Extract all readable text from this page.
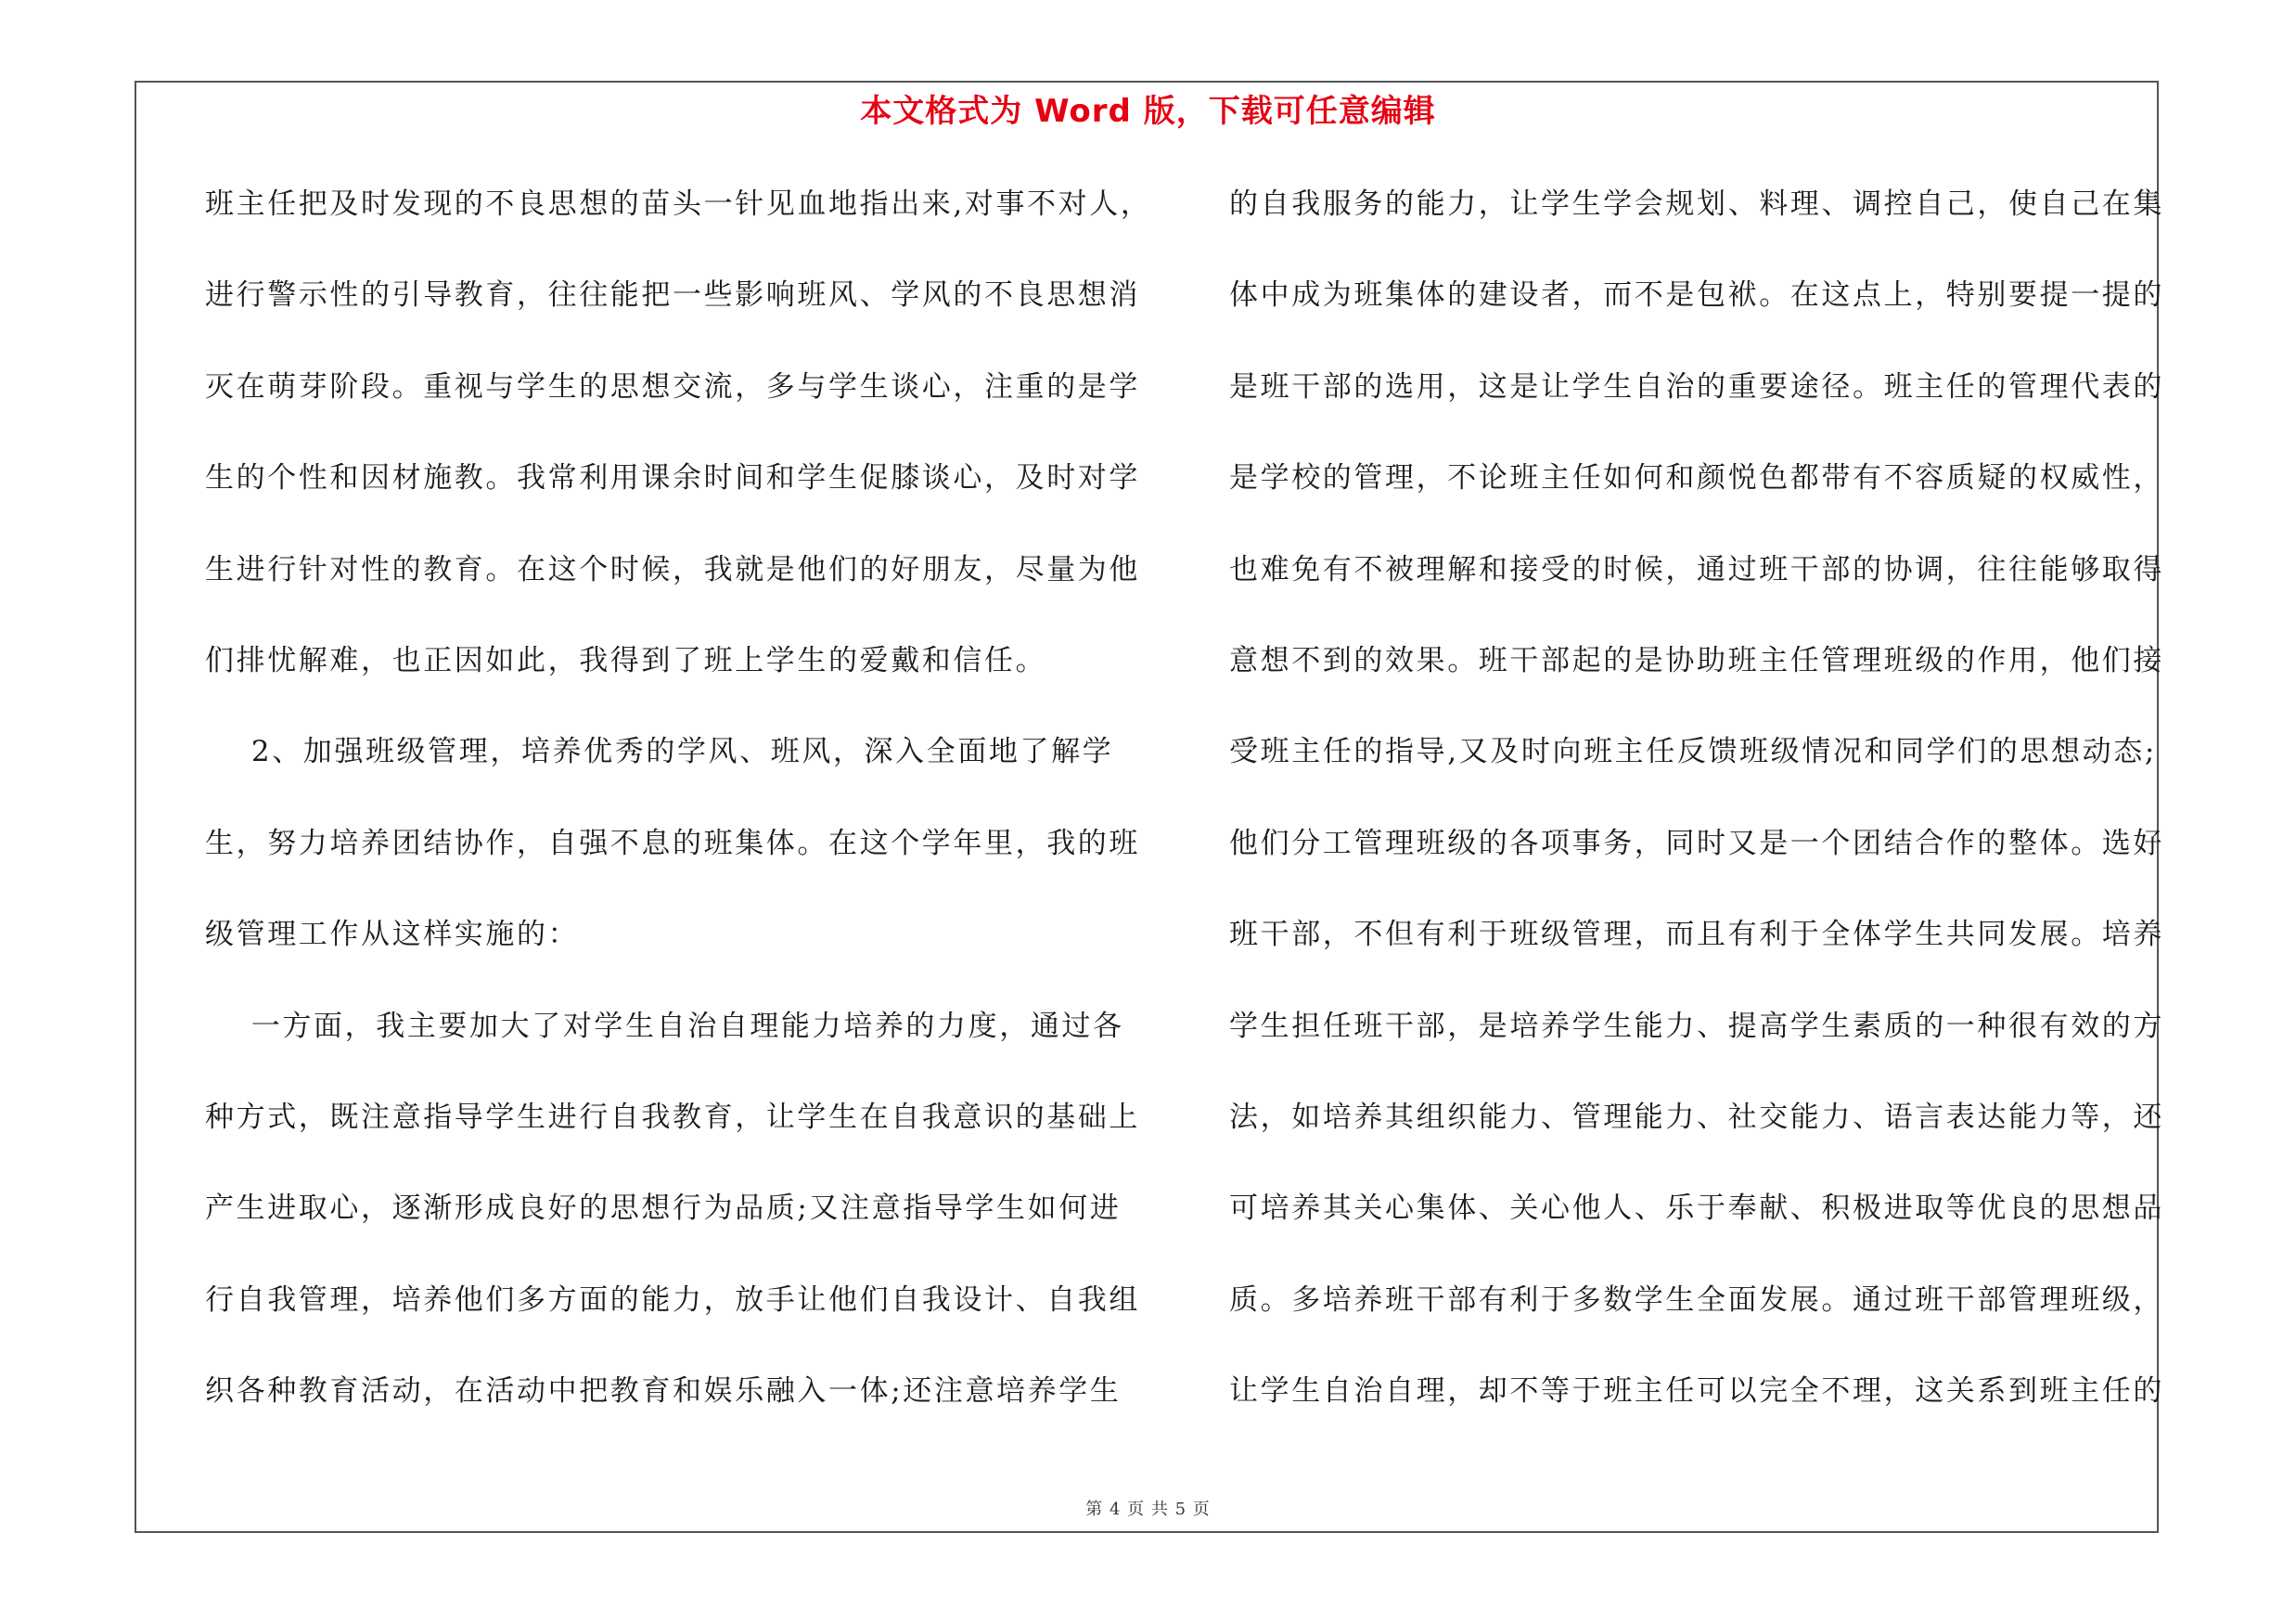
本文格式为 Word 版，下载可任意编辑
班主任把及时发现的不良思想的苗头一针见血地指出来,对事不对人，
进行警示性的引导教育，往往能把一些影响班风、学风的不良思想消
灭在萌芽阶段。重视与学生的思想交流，多与学生谈心，注重的是学
生的个性和因材施教。我常利用课余时间和学生促膝谈心，及时对学
生进行针对性的教育。在这个时候，我就是他们的好朋友，尽量为他
们排忧解难，也正因如此，我得到了班上学生的爱戴和信任。
2、加强班级管理，培养优秀的学风、班风，深入全面地了解学
生，努力培养团结协作，自强不息的班集体。在这个学年里，我的班
级管理工作从这样实施的：
一方面，我主要加大了对学生自治自理能力培养的力度，通过各
种方式，既注意指导学生进行自我教育，让学生在自我意识的基础上
产生进取心，逐渐形成良好的思想行为品质;又注意指导学生如何进
行自我管理，培养他们多方面的能力，放手让他们自我设计、自我组
织各种教育活动，在活动中把教育和娱乐融入一体;还注意培养学生
的自我服务的能力，让学生学会规划、料理、调控自己，使自己在集
体中成为班集体的建设者，而不是包袱。在这点上，特别要提一提的
是班干部的选用，这是让学生自治的重要途径。班主任的管理代表的
是学校的管理，不论班主任如何和颜悦色都带有不容质疑的权威性，
也难免有不被理解和接受的时候，通过班干部的协调，往往能够取得
意想不到的效果。班干部起的是协助班主任管理班级的作用，他们接
受班主任的指导,又及时向班主任反馈班级情况和同学们的思想动态;
他们分工管理班级的各项事务，同时又是一个团结合作的整体。选好
班干部，不但有利于班级管理，而且有利于全体学生共同发展。培养
学生担任班干部，是培养学生能力、提高学生素质的一种很有效的方
法，如培养其组织能力、管理能力、社交能力、语言表达能力等，还
可培养其关心集体、关心他人、乐于奉献、积极进取等优良的思想品
质。多培养班干部有利于多数学生全面发展。通过班干部管理班级，
让学生自治自理，却不等于班主任可以完全不理，这关系到班主任的
第 4 页 共 5 页
